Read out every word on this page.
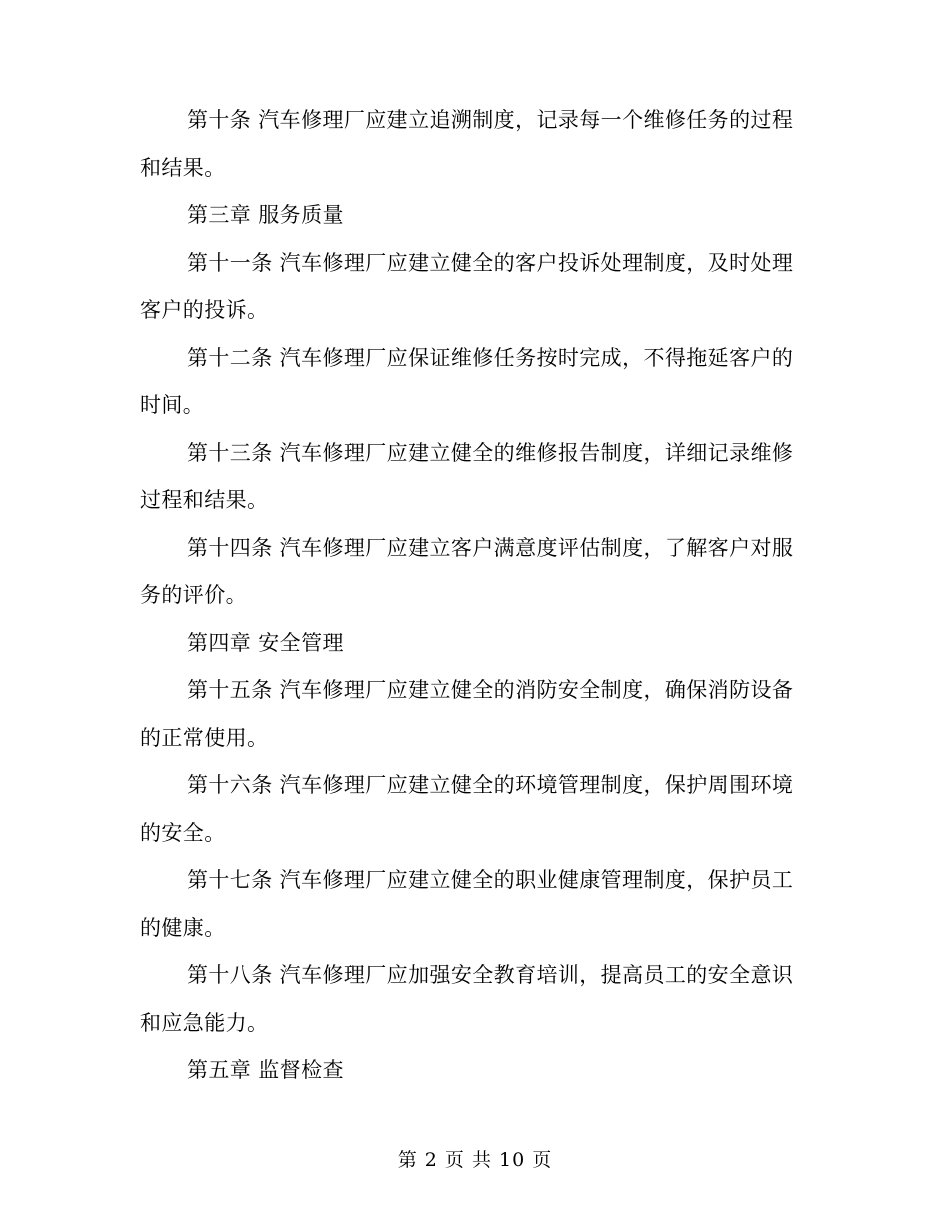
第十条 汽车修理厂应建立追溯制度，记录每一个维修任务的过程和结果。

第三章 服务质量

第十一条 汽车修理厂应建立健全的客户投诉处理制度，及时处理客户的投诉。

第十二条 汽车修理厂应保证维修任务按时完成，不得拖延客户的时间。

第十三条 汽车修理厂应建立健全的维修报告制度，详细记录维修过程和结果。

第十四条 汽车修理厂应建立客户满意度评估制度，了解客户对服务的评价。

第四章 安全管理

第十五条 汽车修理厂应建立健全的消防安全制度，确保消防设备的正常使用。

第十六条 汽车修理厂应建立健全的环境管理制度，保护周围环境的安全。

第十七条 汽车修理厂应建立健全的职业健康管理制度，保护员工的健康。

第十八条 汽车修理厂应加强安全教育培训，提高员工的安全意识和应急能力。

第五章 监督检查

第 2 页 共 10 页
